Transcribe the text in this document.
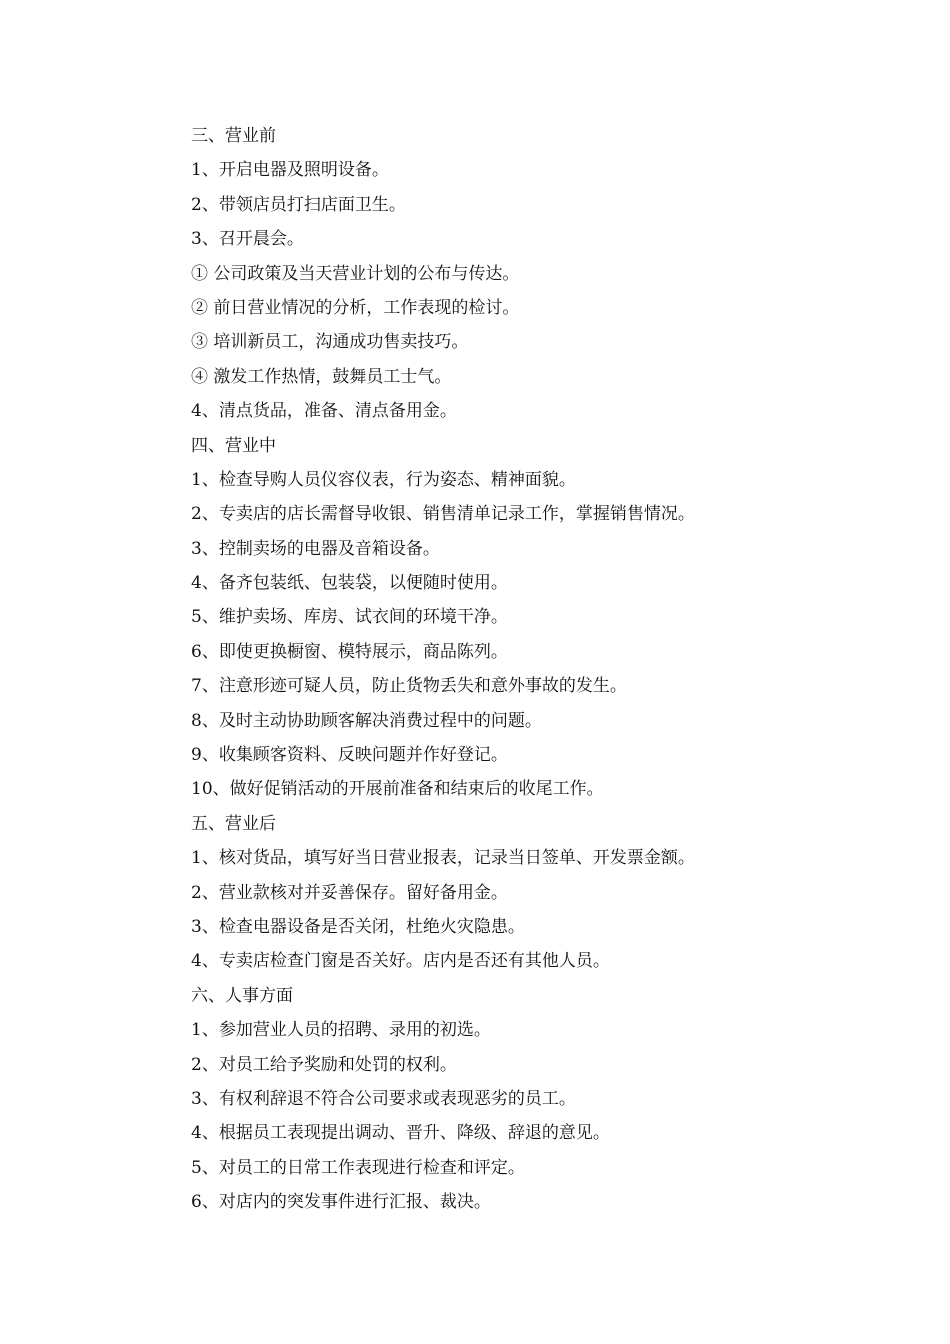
三、营业前
1、开启电器及照明设备。
2、带领店员打扫店面卫生。
3、召开晨会。
① 公司政策及当天营业计划的公布与传达。
② 前日营业情况的分析，工作表现的检讨。
③ 培训新员工，沟通成功售卖技巧。
④ 激发工作热情，鼓舞员工士气。
4、清点货品，准备、清点备用金。
四、营业中
1、检查导购人员仪容仪表，行为姿态、精神面貌。
2、专卖店的店长需督导收银、销售清单记录工作，掌握销售情况。
3、控制卖场的电器及音箱设备。
4、备齐包装纸、包装袋，以便随时使用。
5、维护卖场、库房、试衣间的环境干净。
6、即使更换橱窗、模特展示，商品陈列。
7、注意形迹可疑人员，防止货物丢失和意外事故的发生。
8、及时主动协助顾客解决消费过程中的问题。
9、收集顾客资料、反映问题并作好登记。
10、做好促销活动的开展前准备和结束后的收尾工作。
五、营业后
1、核对货品，填写好当日营业报表，记录当日签单、开发票金额。
2、营业款核对并妥善保存。留好备用金。
3、检查电器设备是否关闭，杜绝火灾隐患。
4、专卖店检查门窗是否关好。店内是否还有其他人员。
六、人事方面
1、参加营业人员的招聘、录用的初选。
2、对员工给予奖励和处罚的权利。
3、有权利辞退不符合公司要求或表现恶劣的员工。
4、根据员工表现提出调动、晋升、降级、辞退的意见。
5、对员工的日常工作表现进行检查和评定。
6、对店内的突发事件进行汇报、裁决。
